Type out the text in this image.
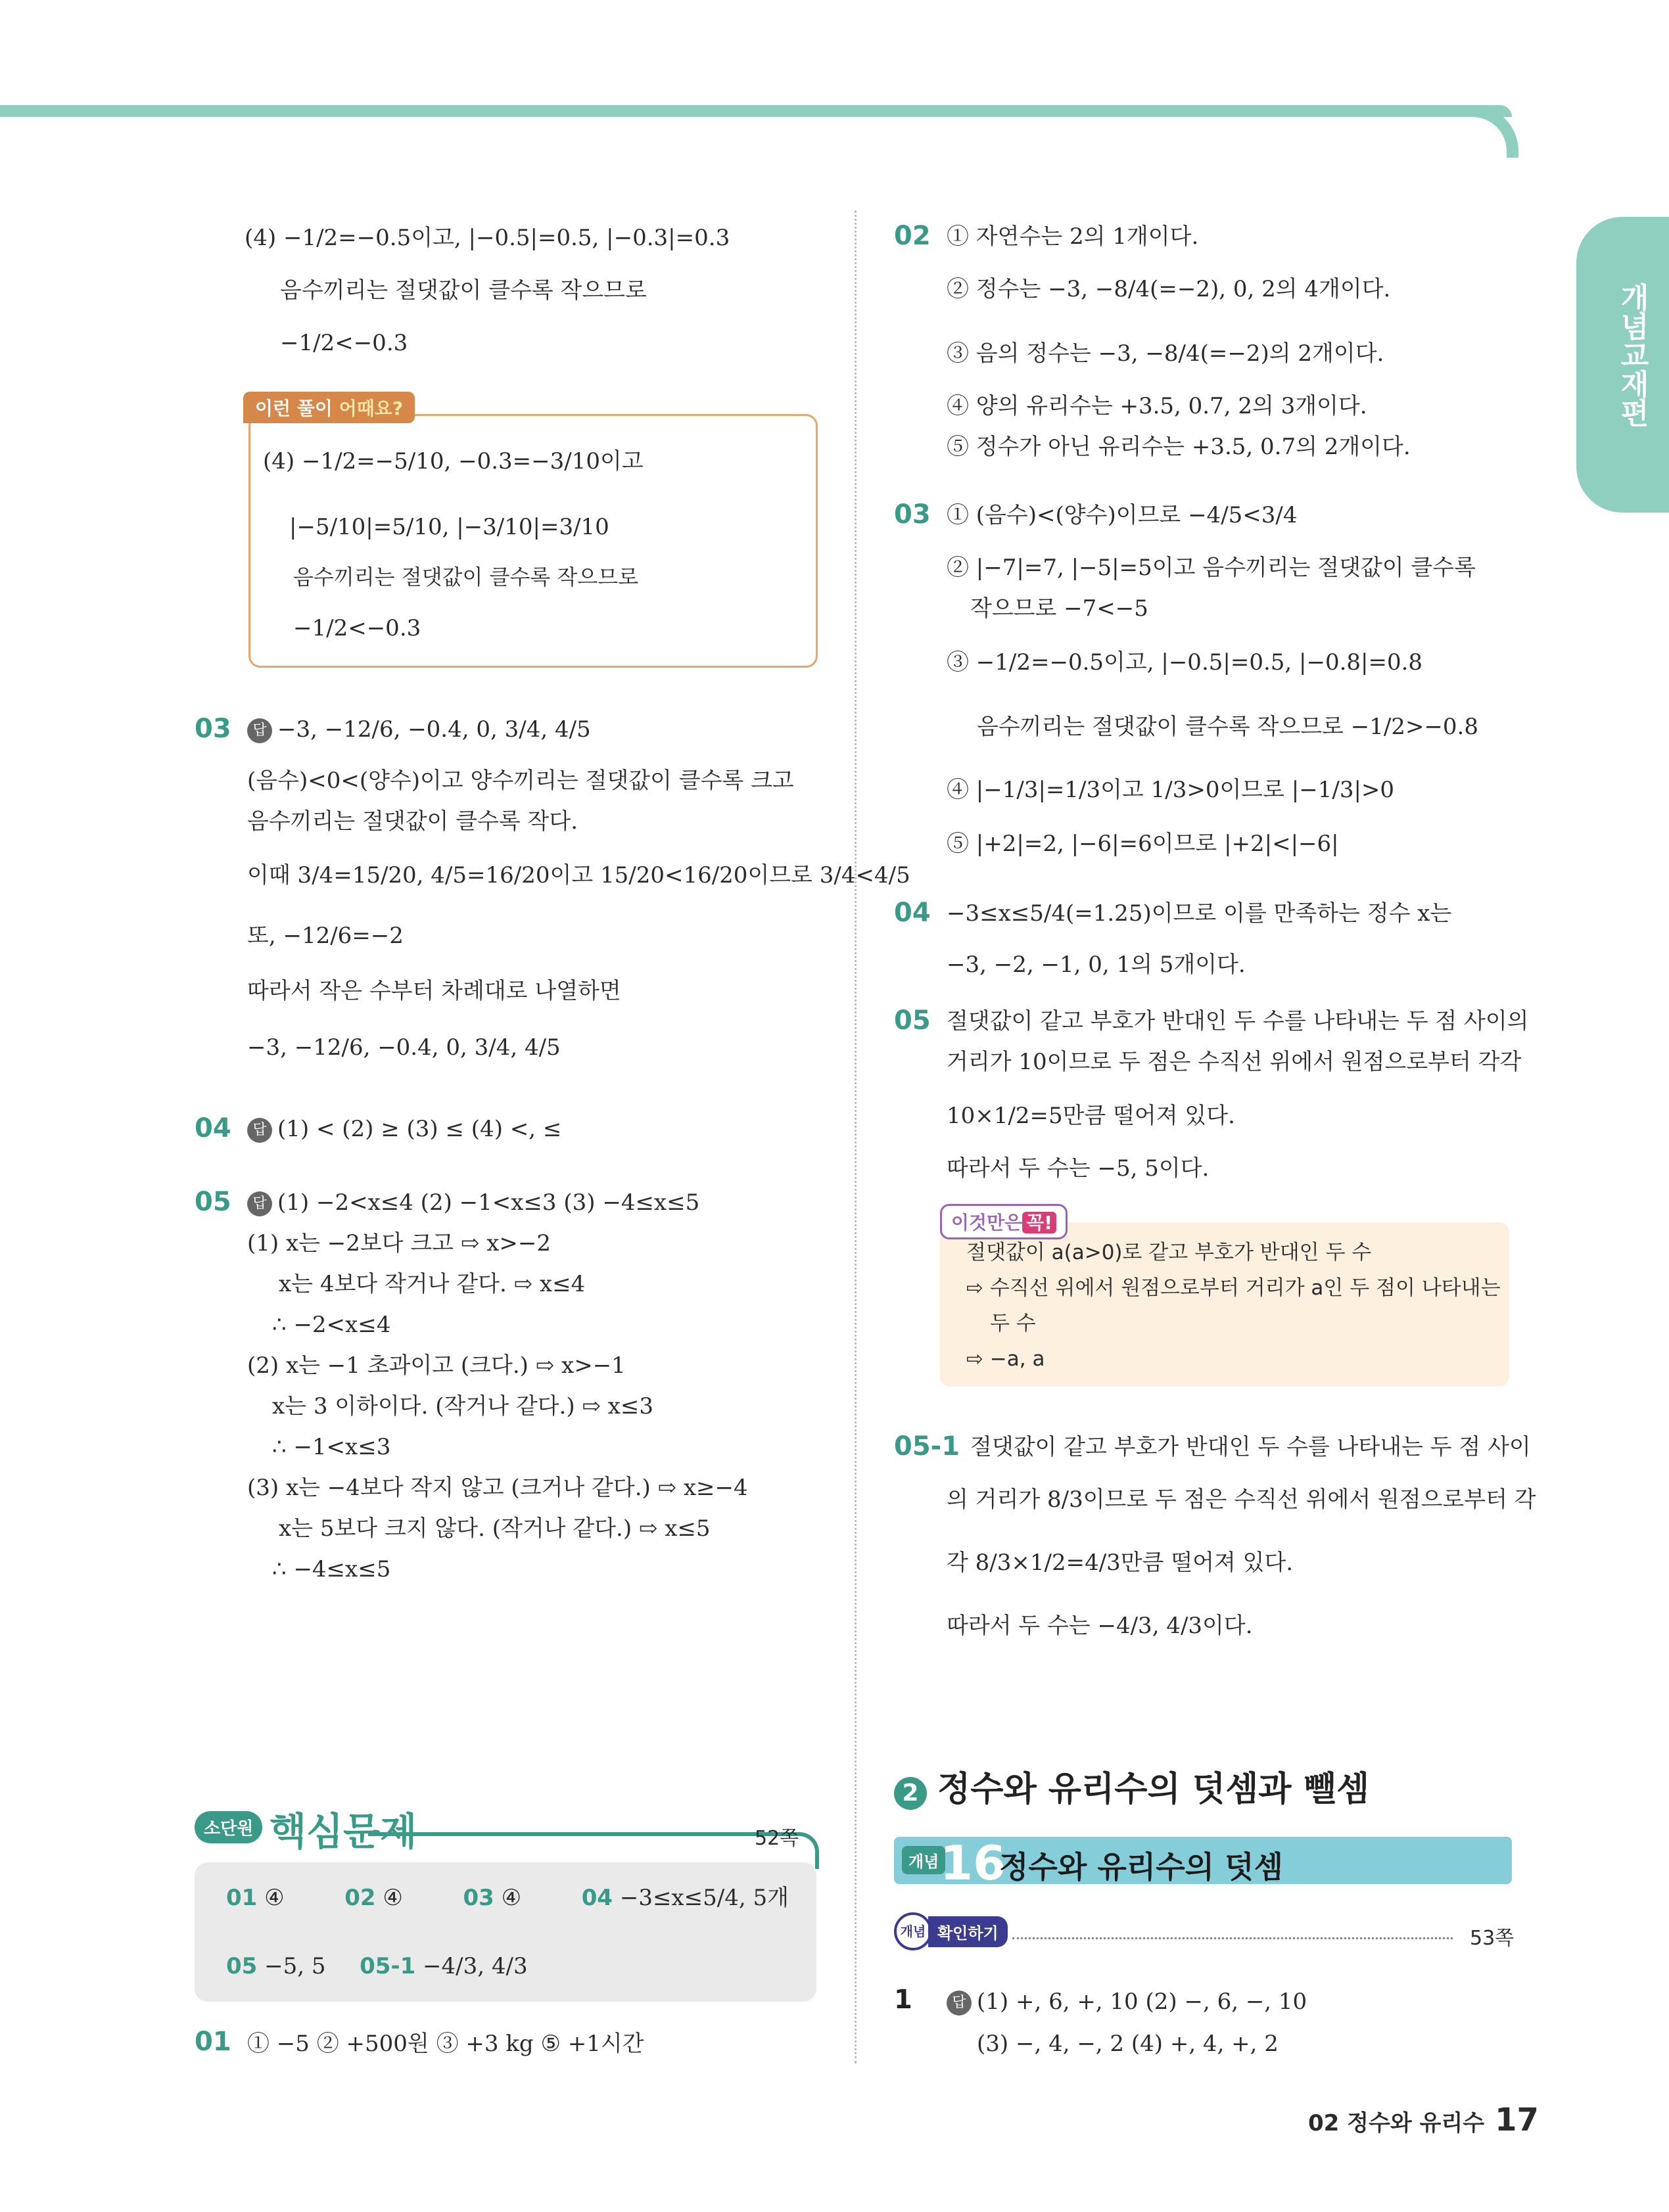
개념교재편
(4) −1/2=−0.5이고, |−0.5|=0.5, |−0.3|=0.3
음수끼리는 절댓값이 클수록 작으므로
−1/2<−0.3
이런 풀이 어때요?
(4) −1/2=−5/10, −0.3=−3/10이고
|−5/10|=5/10, |−3/10|=3/10
음수끼리는 절댓값이 클수록 작으므로
−1/2<−0.3
03	답 −3, −12/6, −0.4, 0, 3/4, 4/5
(음수)<0<(양수)이고 양수끼리는 절댓값이 클수록 크고
음수끼리는 절댓값이 클수록 작다.
이때 3/4=15/20, 4/5=16/20이고 15/20<16/20이므로 3/4<4/5
또, −12/6=−2
따라서 작은 수부터 차례대로 나열하면
−3, −12/6, −0.4, 0, 3/4, 4/5
04	답 (1) < (2) ≥ (3) ≤ (4) <, ≤
05	답 (1) −2<x≤4 (2) −1<x≤3 (3) −4≤x≤5
(1) x는 −2보다 크고 ⇨ x>−2
x는 4보다 작거나 같다. ⇨ x≤4
∴ −2<x≤4
(2) x는 −1 초과이고 (크다.) ⇨ x>−1
x는 3 이하이다. (작거나 같다.) ⇨ x≤3
∴ −1<x≤3
(3) x는 −4보다 작지 않고 (크거나 같다.) ⇨ x≥−4
x는 5보다 크지 않다. (작거나 같다.) ⇨ x≤5
∴ −4≤x≤5
소단원 핵심문제	52쪽
01 ④	02 ④	03 ④	04 −3≤x≤5/4, 5개
05 −5, 5 05-1 −4/3, 4/3
01 ① −5 ② +500원 ③ +3 kg ⑤ +1시간
02 ① 자연수는 2의 1개이다.
② 정수는 −3, −8/4(=−2), 0, 2의 4개이다.
③ 음의 정수는 −3, −8/4(=−2)의 2개이다.
④ 양의 유리수는 +3.5, 0.7, 2의 3개이다.
⑤ 정수가 아닌 유리수는 +3.5, 0.7의 2개이다.
03 ① (음수)<(양수)이므로 −4/5<3/4
② |−7|=7, |−5|=5이고 음수끼리는 절댓값이 클수록
작으므로 −7<−5
③ −1/2=−0.5이고, |−0.5|=0.5, |−0.8|=0.8
음수끼리는 절댓값이 클수록 작으므로 −1/2>−0.8
④ |−1/3|=1/3이고 1/3>0이므로 |−1/3|>0
⑤ |+2|=2, |−6|=6이므로 |+2|<|−6|
04 −3≤x≤5/4(=1.25)이므로 이를 만족하는 정수 x는
−3, −2, −1, 0, 1의 5개이다.
05 절댓값이 같고 부호가 반대인 두 수를 나타내는 두 점 사이의
거리가 10이므로 두 점은 수직선 위에서 원점으로부터 각각
10×1/2=5만큼 떨어져 있다.
따라서 두 수는 −5, 5이다.
이것만은 꼭!
절댓값이 a(a>0)로 같고 부호가 반대인 두 수
⇨ 수직선 위에서 원점으로부터 거리가 a인 두 점이 나타내는
두 수
⇨ −a, a
05-1 절댓값이 같고 부호가 반대인 두 수를 나타내는 두 점 사이
의 거리가 8/3이므로 두 점은 수직선 위에서 원점으로부터 각
각 8/3×1/2=4/3만큼 떨어져 있다.
따라서 두 수는 −4/3, 4/3이다.
2 정수와 유리수의 덧셈과 뺄셈
개념 16
정수와 유리수의 덧셈
개념 확인하기	53쪽
1	답 (1) +, 6, +, 10 (2) −, 6, −, 10
(3) −, 4, −, 2 (4) +, 4, +, 2
02 정수와 유리수 17
